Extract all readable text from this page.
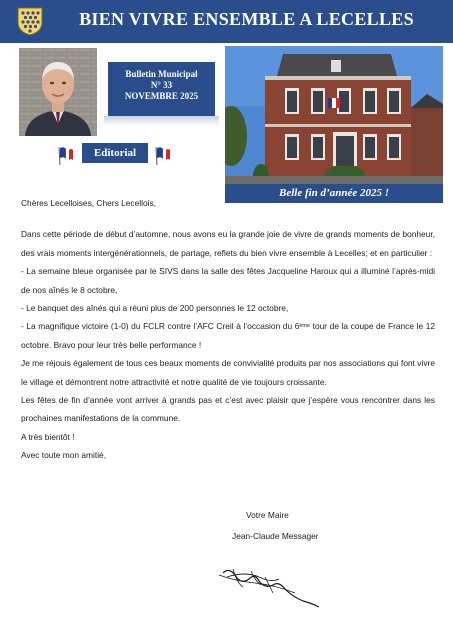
BIEN VIVRE ENSEMBLE A LECELLES
Bulletin Municipal
N° 33
NOVEMBRE 2025
Editorial
Belle fin d’année 2025 !

Chères Lecelloises, Chers Lecellois,

Dans cette période de début d’automne, nous avons eu la grande joie de vivre de grands moments de bonheur, des vrais moments intergénérationnels, de partage, reflets du bien vivre ensemble à Lecelles; et en particulier :

- La semaine bleue organisée par le SIVS dans la salle des fêtes Jacqueline Haroux qui a illuminé l’après-midi de nos aînés le 8 octobre,

- Le banquet des aînés qui a réuni plus de 200 personnes le 12 octobre,

- La magnifique victoire (1-0) du FCLR contre l’AFC Creil à l’occasion du 6ème tour de la coupe de France le 12 octobre. Bravo pour leur très belle performance !

Je me réjouis également de tous ces beaux moments de convivialité produits par nos associations qui font vivre le village et démontrent notre attractivité et notre qualité de vie toujours croissante.

Les fêtes de fin d’année vont arriver à grands pas et c’est avec plaisir que j’espère vous rencontrer dans les prochaines manifestations de la commune.

A très bientôt !

Avec toute mon amitié,

Votre Maire
Jean-Claude Messager
